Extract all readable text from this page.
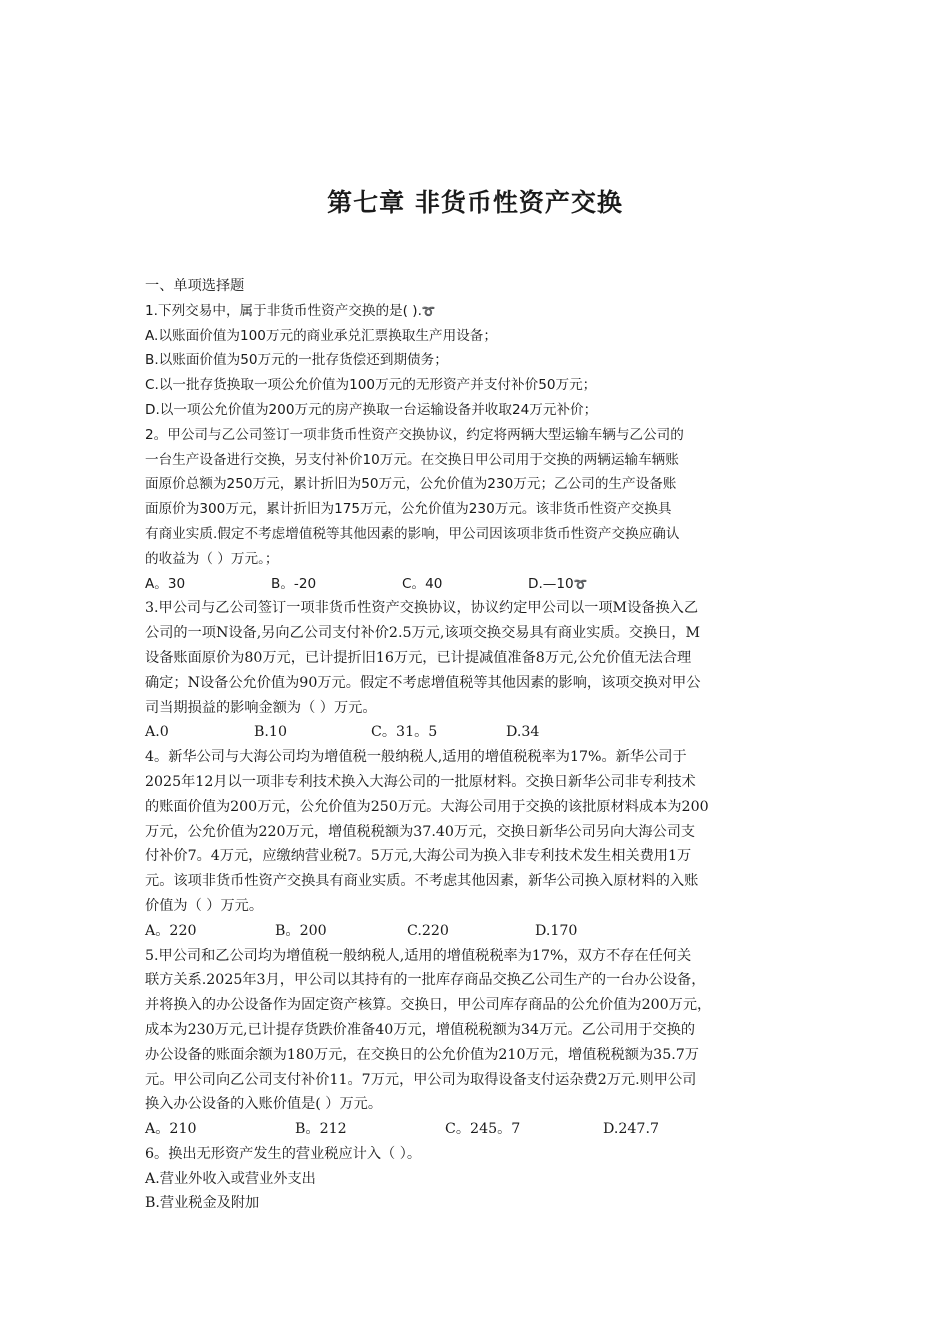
第七章 非货币性资产交换
一、单项选择题
1.下列交易中，属于非货币性资产交换的是( ).➰
A.以账面价值为100万元的商业承兑汇票换取生产用设备；
B.以账面价值为50万元的一批存货偿还到期债务；
C.以一批存货换取一项公允价值为100万元的无形资产并支付补价50万元；
D.以一项公允价值为200万元的房产换取一台运输设备并收取24万元补价；
2。甲公司与乙公司签订一项非货币性资产交换协议，约定将两辆大型运输车辆与乙公司的
一台生产设备进行交换，另支付补价10万元。在交换日甲公司用于交换的两辆运输车辆账
面原价总额为250万元，累计折旧为50万元，公允价值为230万元；乙公司的生产设备账
面原价为300万元，累计折旧为175万元，公允价值为230万元。该非货币性资产交换具
有商业实质.假定不考虑增值税等其他因素的影响，甲公司因该项非货币性资产交换应确认
的收益为（ ）万元。；
A。30	B。-20	C。40	D.—10➰
3.甲公司与乙公司签订一项非货币性资产交换协议，协议约定甲公司以一项M设备换入乙
公司的一项N设备,另向乙公司支付补价2.5万元,该项交换交易具有商业实质。交换日，M
设备账面原价为80万元，已计提折旧16万元，已计提减值准备8万元,公允价值无法合理
确定；N设备公允价值为90万元。假定不考虑增值税等其他因素的影响，该项交换对甲公
司当期损益的影响金额为（ ）万元。
A.0	B.10	C。31。5	D.34
4。新华公司与大海公司均为增值税一般纳税人,适用的增值税税率为17%。新华公司于
2025年12月以一项非专利技术换入大海公司的一批原材料。交换日新华公司非专利技术
的账面价值为200万元，公允价值为250万元。大海公司用于交换的该批原材料成本为200
万元，公允价值为220万元，增值税税额为37.40万元，交换日新华公司另向大海公司支
付补价7。4万元，应缴纳营业税7。5万元,大海公司为换入非专利技术发生相关费用1万
元。该项非货币性资产交换具有商业实质。不考虑其他因素，新华公司换入原材料的入账
价值为（ ）万元。
A。220	B。200	C.220	D.170
5.甲公司和乙公司均为增值税一般纳税人,适用的增值税税率为17%，双方不存在任何关
联方关系.2025年3月，甲公司以其持有的一批库存商品交换乙公司生产的一台办公设备，
并将换入的办公设备作为固定资产核算。交换日，甲公司库存商品的公允价值为200万元，
成本为230万元,已计提存货跌价准备40万元，增值税税额为34万元。乙公司用于交换的
办公设备的账面余额为180万元，在交换日的公允价值为210万元，增值税税额为35.7万
元。甲公司向乙公司支付补价11。7万元，甲公司为取得设备支付运杂费2万元.则甲公司
换入办公设备的入账价值是( ）万元。
A。210	B。212	C。245。7	D.247.7
6。换出无形资产发生的营业税应计入（ ）。
A.营业外收入或营业外支出
B.营业税金及附加
